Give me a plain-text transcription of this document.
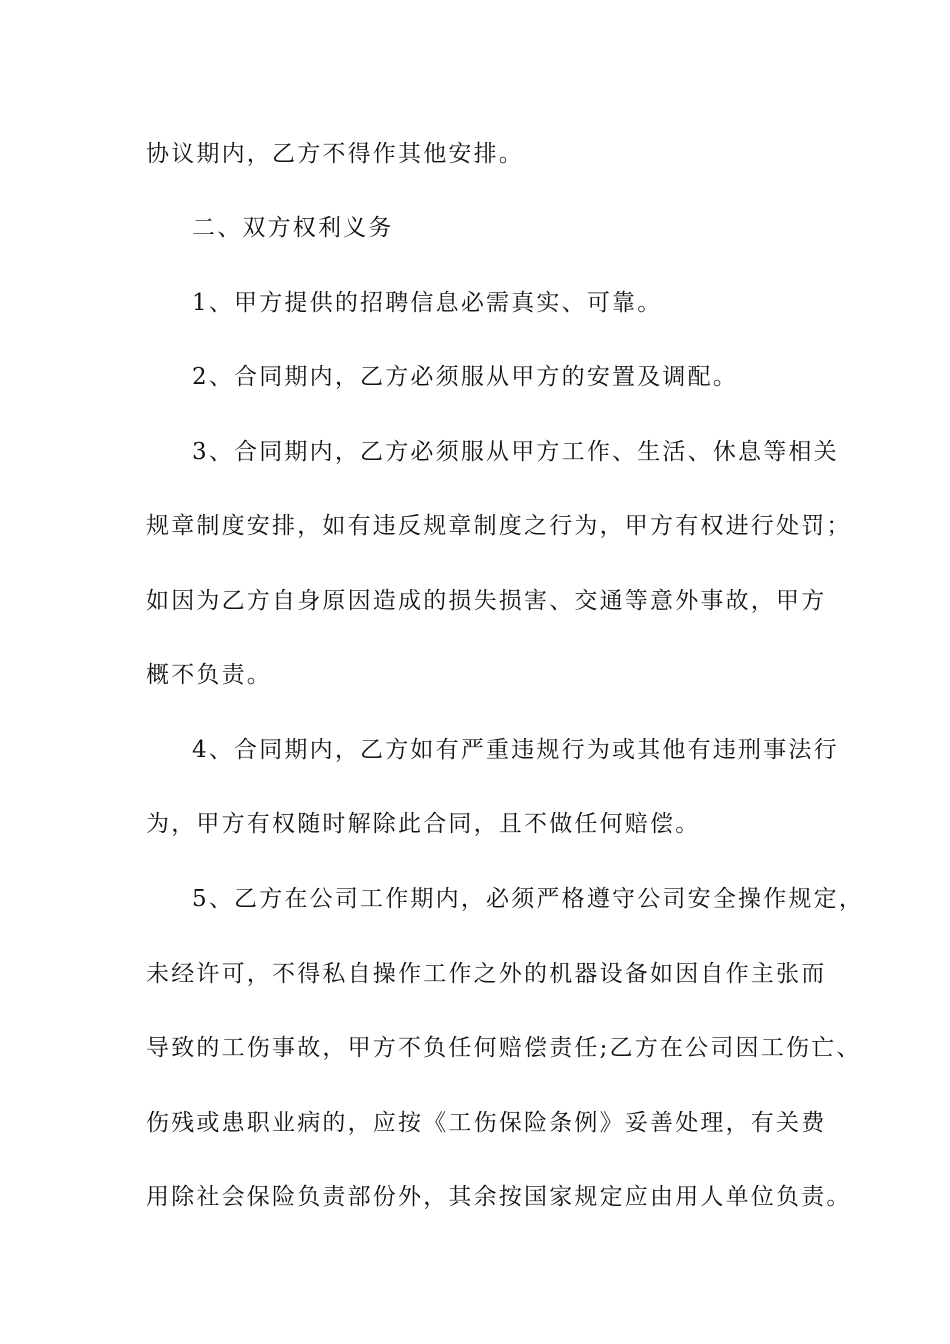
协议期内，乙方不得作其他安排。
二、双方权利义务
1、甲方提供的招聘信息必需真实、可靠。
2、合同期内，乙方必须服从甲方的安置及调配。
3、合同期内，乙方必须服从甲方工作、生活、休息等相关
规章制度安排，如有违反规章制度之行为，甲方有权进行处罚；
如因为乙方自身原因造成的损失损害、交通等意外事故，甲方
概不负责。
4、合同期内，乙方如有严重违规行为或其他有违刑事法行
为，甲方有权随时解除此合同，且不做任何赔偿。
5、乙方在公司工作期内，必须严格遵守公司安全操作规定，
未经许可，不得私自操作工作之外的机器设备如因自作主张而
导致的工伤事故，甲方不负任何赔偿责任;乙方在公司因工伤亡、
伤残或患职业病的，应按《工伤保险条例》妥善处理，有关费
用除社会保险负责部份外，其余按国家规定应由用人单位负责。
